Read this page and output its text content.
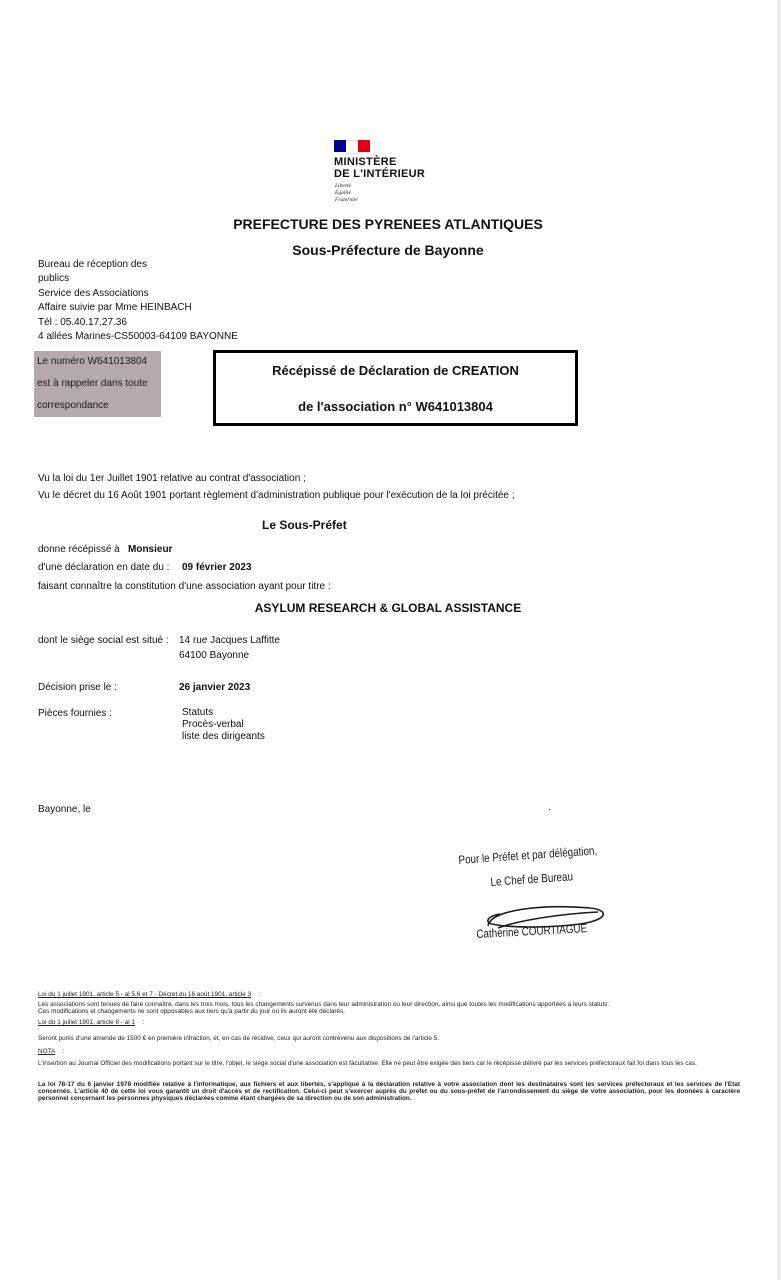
MINISTÈRE
DE L'INTÉRIEUR
Liberté
Égalité
Fraternité
PREFECTURE DES PYRENEES ATLANTIQUES
Sous-Préfecture de Bayonne
Bureau de réception des
publics
Service des Associations
Affaire suivie par Mme HEINBACH
Tél : 05.40.17.27.36
4 allées Marines-CS50003-64109 BAYONNE
Le numéro W641013804
est à rappeler dans toute
correspondance
Récépissé de Déclaration de CREATION
de l'association n° W641013804
Vu la loi du 1er Juillet 1901 relative au contrat d'association ;
Vu le décret du 16 Août 1901 portant règlement d'administration publique pour l'exécution de la loi précitée ;
Le Sous-Préfet
donne récépissé à Monsieur
d'une déclaration en date du : 09 février 2023
faisant connaître la constitution d'une association ayant pour titre :
ASYLUM RESEARCH & GLOBAL ASSISTANCE
dont le siège social est situé : 14 rue Jacques Laffitte
64100 Bayonne
Décision prise le :	26 janvier 2023
Pièces fournies :	Statuts
Procès-verbal
liste des dirigeants
Bayonne, le	.
Pour le Préfet et par délégation,
Le Chef de Bureau
Catherine COURTIAGUE
Loi du 1 juillet 1901, article 5 - al 5,6 et 7 - Décret du 16 août 1901, article 3 :
Les associations sont tenues de faire connaître, dans les trois mois, tous les changements survenus dans leur administration ou leur direction, ainsi que toutes les modifications apportées à leurs statuts.
Ces modifications et changements ne sont opposables aux tiers qu'à partir du jour où ils auront été déclarés.
Loi du 1 juillet 1901, article 8 - al 1 :
Seront punis d'une amende de 1500 € en première infraction, et, en cas de récidive, ceux qui auront contrevenu aux dispositions de l'article 5.
NOTA :
L'insertion au Journal Officiel des modifications portant sur le titre, l'objet, le siège social d'une association est facultative. Elle ne peut être exigée des tiers car le récépissé délivré par les services préfectoraux fait foi dans tous les cas.
La loi 78-17 du 6 janvier 1978 modifiée relative à l'informatique, aux fichiers et aux libertés, s'applique à la déclaration relative à votre association dont les destinataires sont les services préfectoraux et les services de l'Etat concernés. L'article 40 de cette loi vous garantit un droit d'accès et de rectification. Celui-ci peut s'exercer auprès du préfet ou du sous-préfet de l'arrondissement du siège de votre association, pour les données à caractère personnel concernant les personnes physiques déclarées comme étant chargées de sa direction ou de son administration.
